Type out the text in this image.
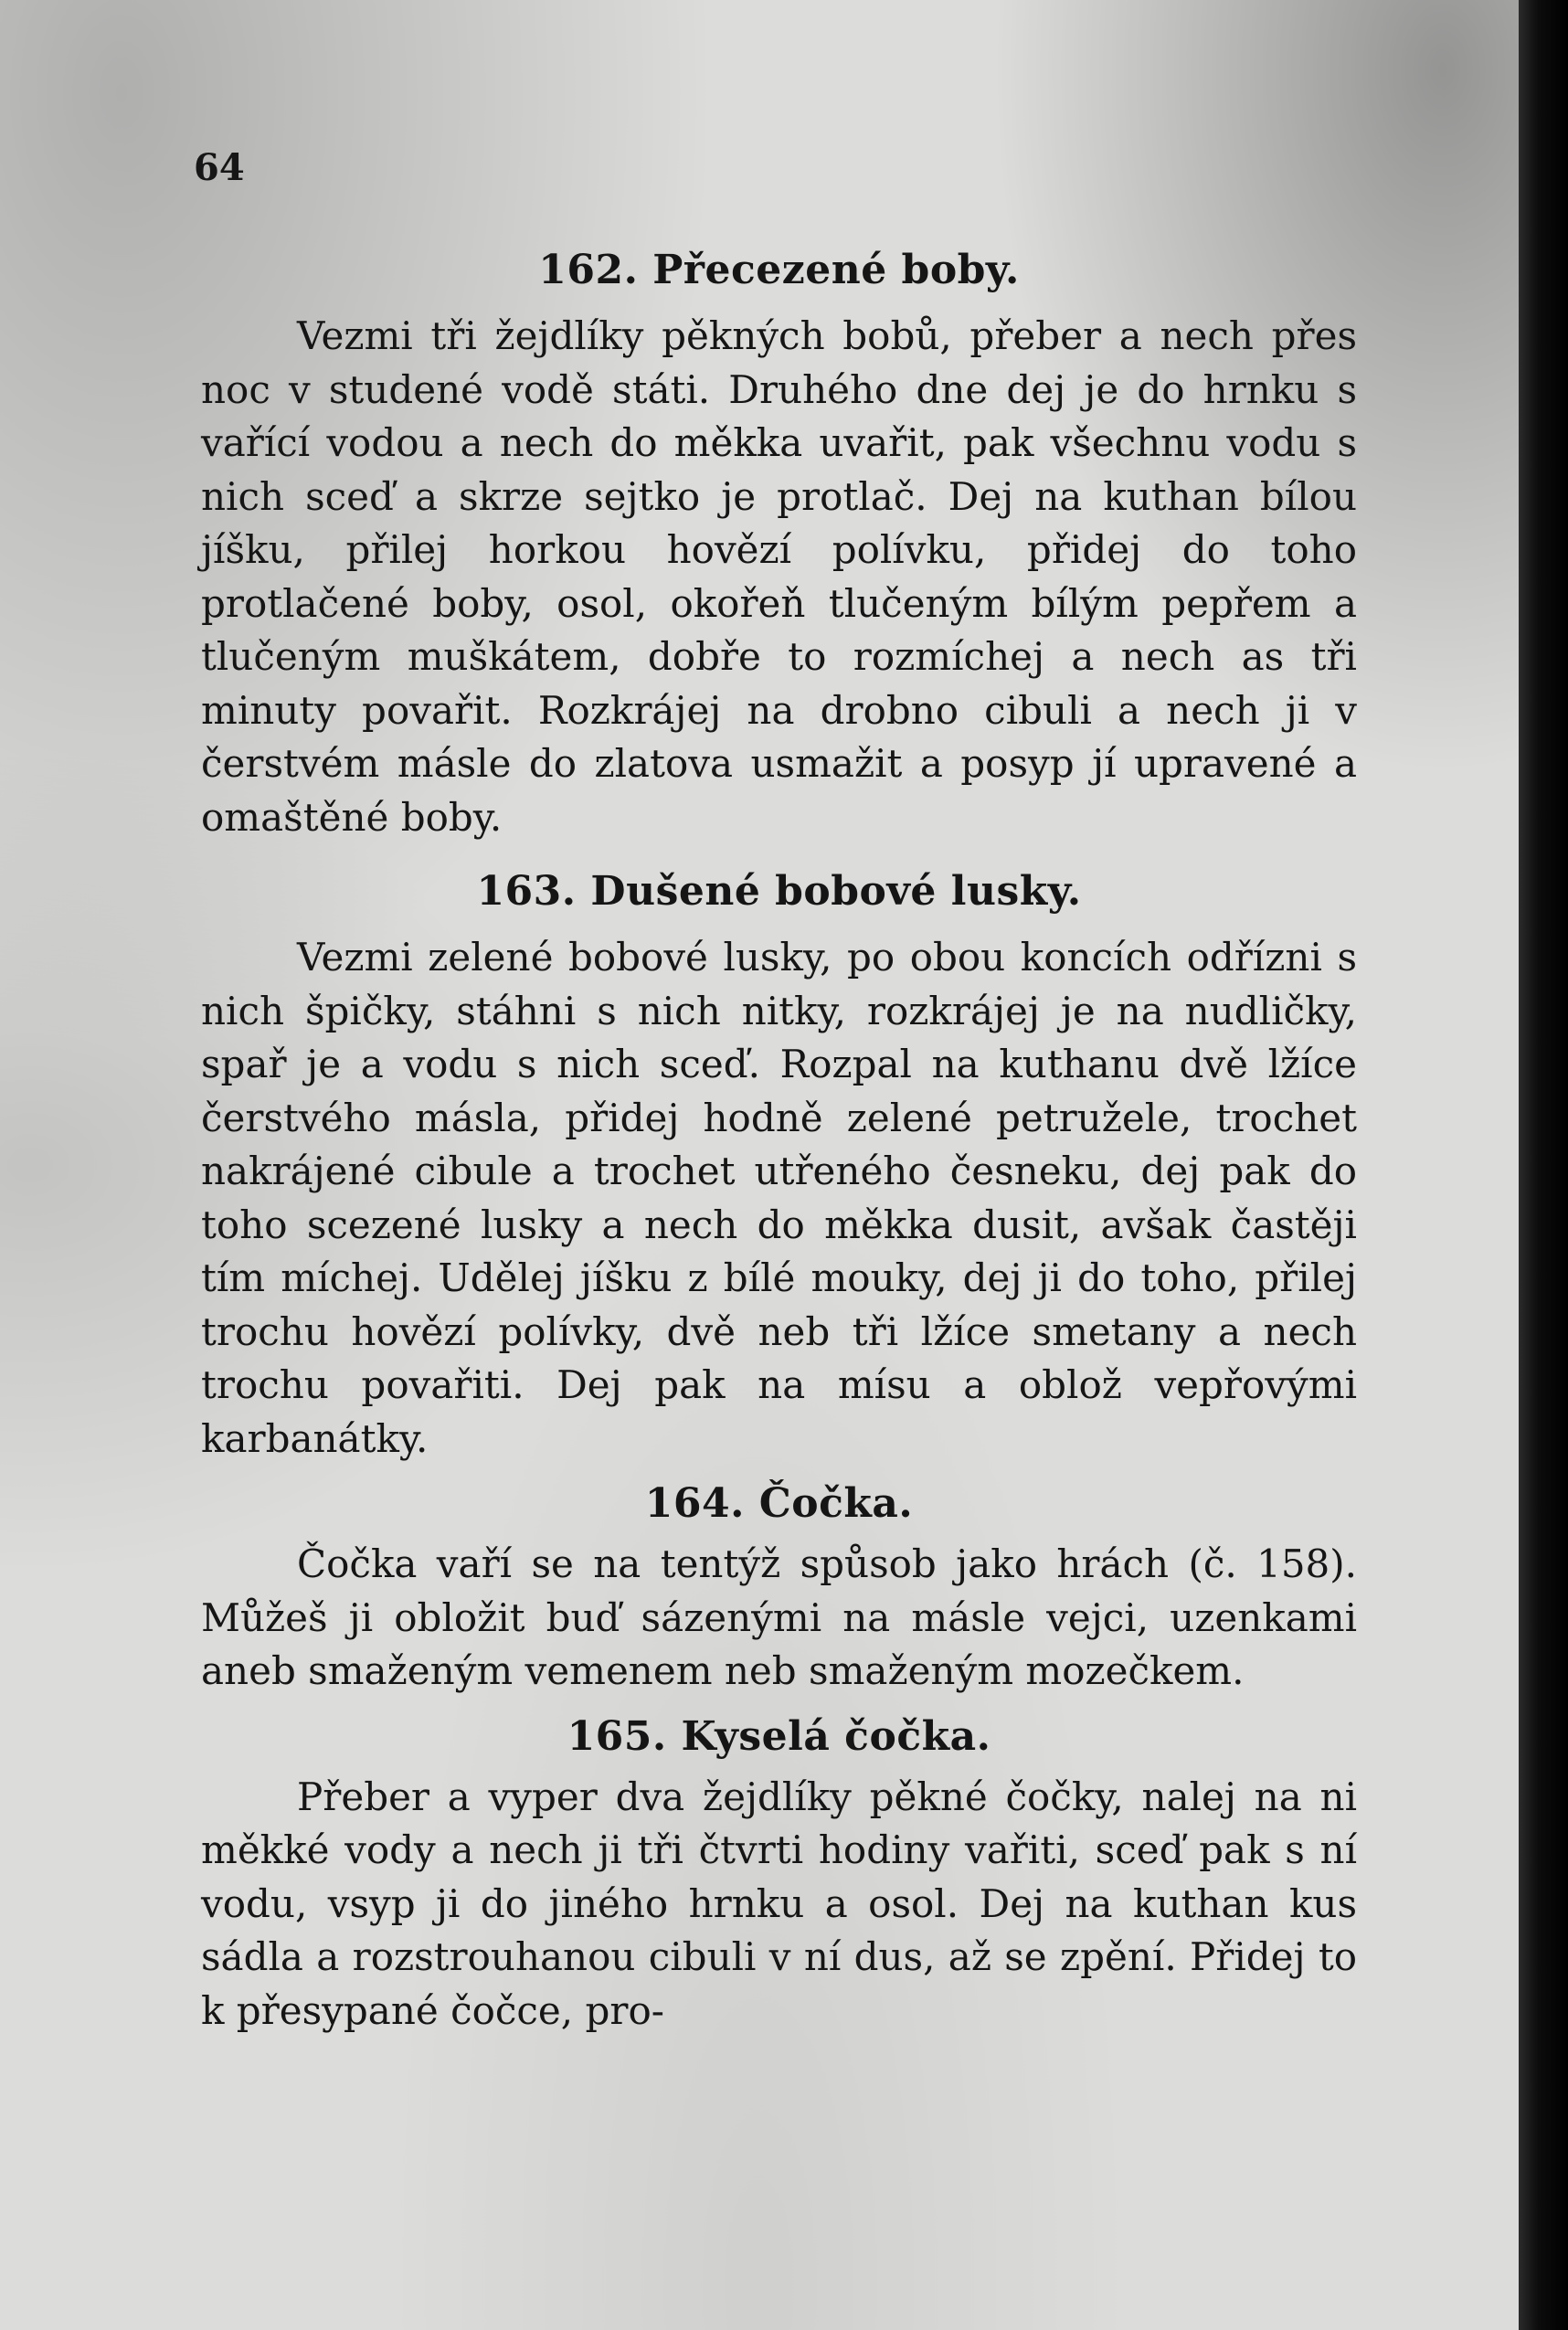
64
162. Přecezené boby.

Vezmi tři žejdlíky pěkných bobů, přeber a nech přes noc v studené vodě státi. Druhého dne dej je do hrnku s vařící vodou a nech do měkka uvařit, pak všechnu vodu s nich sceď a skrze sejtko je protlač. Dej na kuthan bílou jíšku, přilej horkou hovězí polívku, přidej do toho protlačené boby, osol, okořeň tlučeným bílým pepřem a tlučeným muškátem, dobře to rozmíchej a nech as tři minuty povařit. Rozkrájej na drobno cibuli a nech ji v čerstvém másle do zlatova usmažit a posyp jí upravené a omaštěné boby.

163. Dušené bobové lusky.

Vezmi zelené bobové lusky, po obou koncích odřízni s nich špičky, stáhni s nich nitky, rozkrájej je na nudličky, spař je a vodu s nich sceď. Rozpal na kuthanu dvě lžíce čerstvého másla, přidej hodně zelené petružele, trochet nakrájené cibule a trochet utřeného česneku, dej pak do toho scezené lusky a nech do měkka dusit, avšak častěji tím míchej. Udělej jíšku z bílé mouky, dej ji do toho, přilej trochu hovězí polívky, dvě neb tři lžíce smetany a nech trochu povařiti. Dej pak na mísu a oblož vepřovými karbanátky.

164. Čočka.

Čočka vaří se na tentýž spůsob jako hrách (č. 158). Můžeš ji obložit buď sázenými na másle vejci, uzenkami aneb smaženým vemenem neb smaženým mozečkem.

165. Kyselá čočka.

Přeber a vyper dva žejdlíky pěkné čočky, nalej na ni měkké vody a nech ji tři čtvrti hodiny vařiti, sceď pak s ní vodu, vsyp ji do jiného hrnku a osol. Dej na kuthan kus sádla a rozstrouhanou cibuli v ní dus, až se zpění. Přidej to k přesypané čočce, pro-
